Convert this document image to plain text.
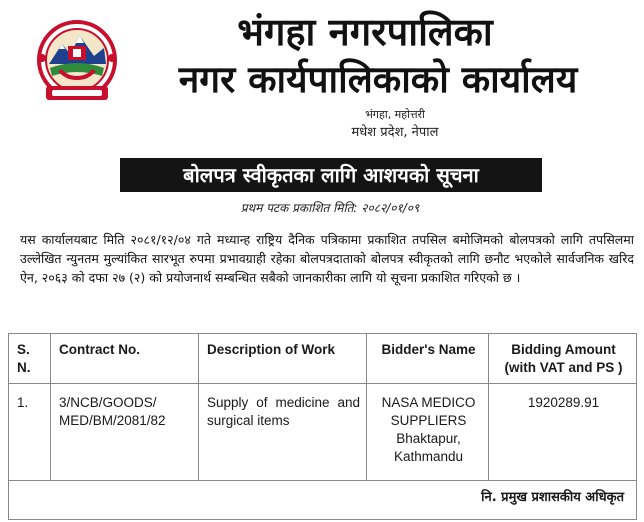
भंगहा नगरपालिका
नगर कार्यपालिकाको कार्यालय
भंगहा, महोत्तरी
मधेश प्रदेश, नेपाल
बोलपत्र स्वीकृतका लागि आशयको सूचना
प्रथम पटक प्रकाशित मिति: २०८२/०१/०९
यस कार्यालयबाट मिति २०८१/१२/०४ गते मध्यान्ह राष्ट्रिय दैनिक पत्रिकामा प्रकाशित तपसिल बमोजिमको बोलपत्रको लागि तपसिलमा उल्लेखित न्युनतम मुल्यांकित सारभूत रुपमा प्रभावग्राही रहेका बोलपत्रदाताको बोलपत्र स्वीकृतको लागि छनौट भएकोले सार्वजनिक खरिद ऐन, २०६३ को दफा २७ (२) को प्रयोजनार्थ सम्बन्धित सबैको जानकारीका लागि यो सूचना प्रकाशित गरिएको छ ।
S. N.	Contract No.	Description of Work	Bidder's Name	Bidding Amount (with VAT and PS )
1.	3/NCB/GOODS/ MED/BM/2081/82	Supply of medicine and surgical items	NASA MEDICO SUPPLIERS Bhaktapur, Kathmandu	1920289.91
नि. प्रमुख प्रशासकीय अधिकृत				
